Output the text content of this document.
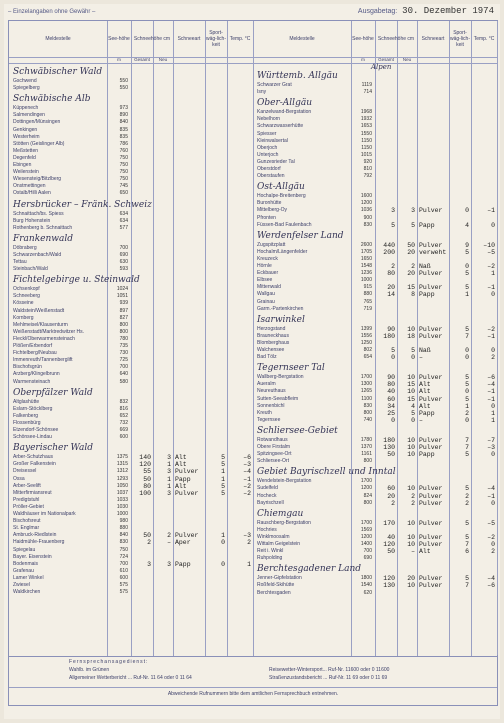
– Einzelangaben ohne Gewähr –	Ausgabetag: 30. Dezember 1974
Meldestelle	See-höhe Schneehöhe cm	Schneeart
Sport-wäg-lich-keit
Temp. °C
m	Gesamt	Neu
Schwäbischer Wald
Gschwend	550
Spiegelberg	550
Schwäbische Alb
Küppenech	973
Salmendingen	890
Dottingen/Münsingen	840
Genkingen	835
Westerheim	835
Stötten (Geislinger Alb)	786
Meßstetten	760
Degenfeld	750
Ebingen	750
Weilenstein	750
Wiesensteig/Bitzlberg	750
Onstmettingen	745
Ostalb/Hilli Aalen	650
Hersbrücker – Fränk. Schweiz
Schnaittach/bs. Spiess	634
Burg Hohenstein	634
Rothenberg b. Schnaittach	577
Frankenwald
Döbraberg	700
Schwarzenbach/Wald	690
Tettau	630
Steinbach/Wald	593
Fichtelgebirge u. Steinwald
Ochsenkopf	1024
Schneeberg	1051
Kösseine	939
Waldstein/Weißenstadt	897
Kornberg	827
Mehlmeisel/Klausenturm	800
Weißenstadt/Marktredwitzer Hs.	800
Fleckl/Oberwarmensteinach	780
Plößen/Erbendorf	735
Fichtelberg/Neubau	730
Immenreuth/Tannenberglift	725
Bischofsgrün	700
Arzberg/Klingelbrunn	640
Warmensteinach	580
Oberpfälzer Wald
Altglashütte	832
Eslarn-Stöcklberg	816
Falkenberg	652
Flossenbürg	732
Etzendorf-Schönsee	669
Schönsee-Lindau	600
Bayerischer Wald
Arber-Schutzhaus	1375	140	3 Alt	5	–6
Großer Falkenstein	1315	120	1 Alt	5	–3
Dreisessel	1312	55	3 Pulver	1	–4
Ossa	1293	50	1 Papp	1	–1
Arber-Seelift	1050	80	1 Alt	5	–2
Mitterfirmiansreut	1037	100	3 Pulver	5	–2
Predigtstuhl	1033
Pröller-Gebiet	1030
Waldhäuser im Nationalpark	1000
Bischofsreut	980
St. Englmar	880
Ambruck-Riedlstein	840	50	2 Pulver	1	–3
Haidmühle-Frauenberg	830	2	– Aper	0	2
Spiegelau	750
Bayer. Eisenstein	724
Bodenmais	700	3	3 Papp	0	1
Grafenau	610
Lamer Winkel	600
Zwiesel	575
Waldkirchen	575
Meldestelle	See-höhe Schneehöhe cm	Schneeart
Sport-wäg-lich-keit
Temp. °C
m	Gesamt	Neu
Alpen
Württemb. Allgäu
Schwarzer Grat	1119
Isny	714
Ober-Allgäu
Kanzelwand-Bergstation	1968
Nebelhorn	1932
Schwarzwasserhütte	1653
Spiesser	1550
Kleinwalsertal	1150
Oberjoch	1150
Unterjoch	1015
Gunzesrieder Tal	920
Oberstdorf	810
Oberstaufen	792
Ost-Allgäu
Hochalpe-Breitenberg	1600
Buronhütte	1200
Mittelberg-Oy	1036	3	3 Pulver	0	–1
Pfronten	900
Füssen-Bad Faulenbach	830	5	5 Papp	4	0
Werdenfelser Land
Zugspitzplatt	2600	440	50 Pulver	9	–10
Hochalm/Längenfelder	1705	200	20 verweht	5	–5
Kreuzeck	1650
Hörnle	1548	2	2 Naß	0	–2
Eckbauer	1236	80	20 Pulver	5	1
Elbsee	1000
Mittenwald	915	20	15 Pulver	5	–1
Wallgau	880	14	8 Papp	1	0
Grainau	765
Garm.-Partenkirchen	719
Isarwinkel
Herzogstand	1399	90	10 Pulver	5	–2
Brauneckhaus	1556	180	18 Pulver	7	–1
Blomberghaus	1250
Walchensee	802	5	5 Naß	0	0
Bad Tölz	654	0	0 –	0	2
Tegernseer Tal
Wallberg-Bergstation	1700	90	10 Pulver	5	–6
Aueralm	1300	80	15 Alt	5	–4
Neureuthaus	1265	40	10 Alt	0	–1
Sutten-Seeabfleim	1100	60	15 Pulver	5	–1
Sonnenbichl	830	34	4 Alt	1	0
Kreuth	800	25	5 Papp	2	1
Tegernsee	740	0	0 –	0	1
Schliersee-Gebiet
Rotwandhaus	1780	180	10 Pulver	7	–7
Obere Firstalm	1370	130	10 Pulver	7	–3
Spitzingsee-Ort	1161	50	10 Papp	5	0
Schliersee-Ort	800
Gebiet Bayrischzell und Inntal
Wendelstein-Bergstation	1700
Sudelfeld	1200	60	10 Pulver	5	–4
Hocheck	824	20	2 Pulver	2	–1
Bayrischzell	800	2	2 Pulver	2	0
Chiemgau
Rauschberg-Bergstation	1700	170	10 Pulver	5	–5
Hochries	1569
Winklmoosalm	1200	40	10 Pulver	5	–2
Wittalm Geigelstein	1400	120	10 Pulver	7	0
Reit i. Winkl	700	50	– Alt	6	2
Ruhpolding	690
Berchtesgadener Land
Jenner-Gipfelstation	1800	120	20 Pulver	5	–4
Roßfeld-Skihütte	1540	130	10 Pulver	7	–6
Berchtesgaden	620
Fernsprechansagedienst:
Wahlb. im Grünen
Allgemeiner Wetterbericht ... Ruf-Nr. 11 64 oder 0 11 64
Reisewetter-Wintersport... Ruf-Nr. 11600 oder 0 11600
Straßenzustandsbericht ... Ruf-Nr. 11 69 oder 0 11 69
Abweichende Rufnummern bitte dem amtlichen Fernsprechbuch entnehmen.
